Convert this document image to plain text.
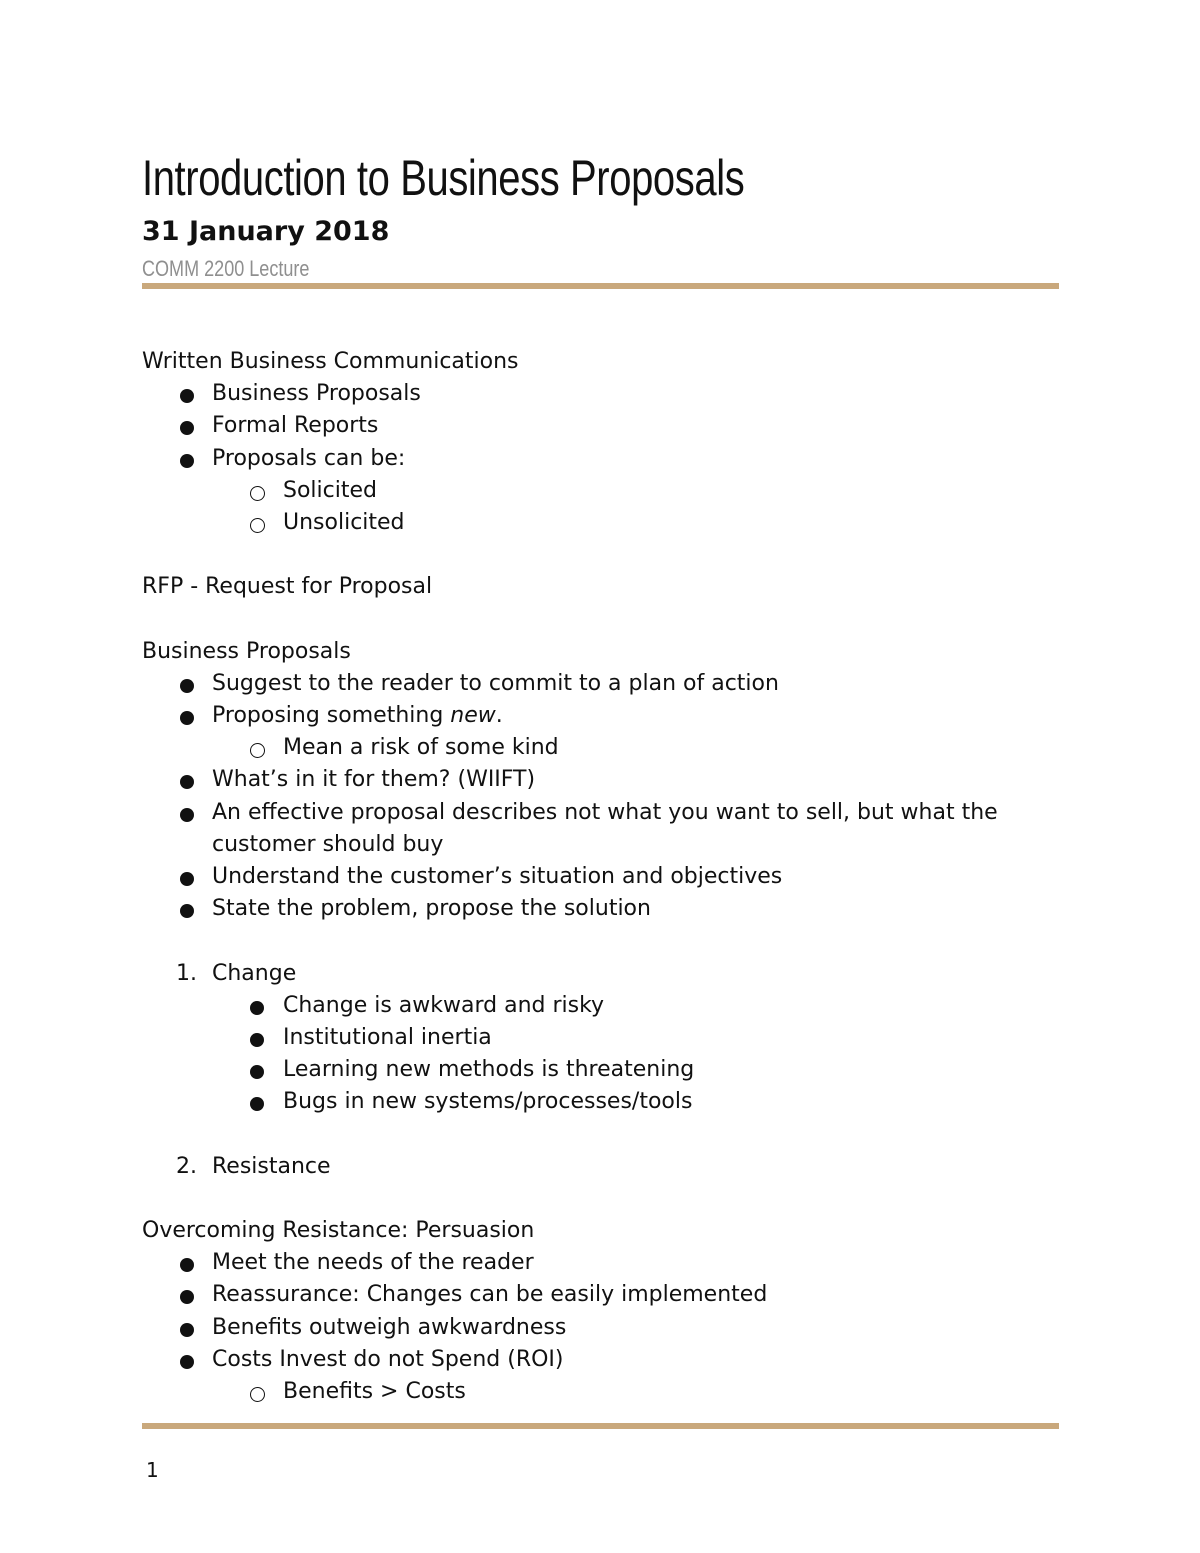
Introduction to Business Proposals
31 January 2018
COMM 2200 Lecture
Written Business Communications
Business Proposals
Formal Reports
Proposals can be:
Solicited
Unsolicited
RFP - Request for Proposal
Business Proposals
Suggest to the reader to commit to a plan of action
Proposing something new.
Mean a risk of some kind
What’s in it for them? (WIIFT)
An effective proposal describes not what you want to sell, but what the
customer should buy
Understand the customer’s situation and objectives
State the problem, propose the solution
1. Change
Change is awkward and risky
Institutional inertia
Learning new methods is threatening
Bugs in new systems/processes/tools
2. Resistance
Overcoming Resistance: Persuasion
Meet the needs of the reader
Reassurance: Changes can be easily implemented
Benefits outweigh awkwardness
Costs Invest do not Spend (ROI)
Benefits > Costs
1
